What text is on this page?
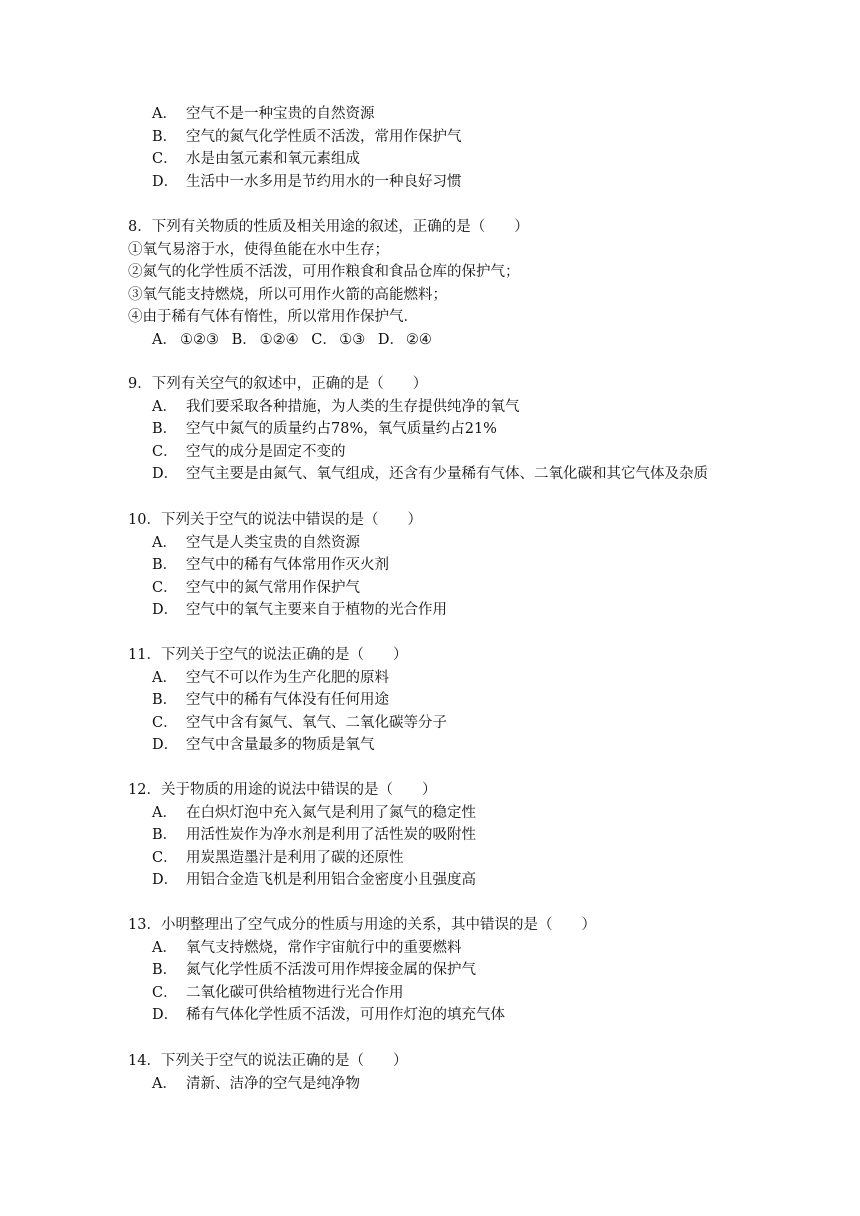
A． 空气不是一种宝贵的自然资源
B． 空气的氮气化学性质不活泼，常用作保护气
C． 水是由氢元素和氧元素组成
D． 生活中一水多用是节约用水的一种良好习惯
8．下列有关物质的性质及相关用途的叙述，正确的是（　　）
①氧气易溶于水，使得鱼能在水中生存；
②氮气的化学性质不活泼，可用作粮食和食品仓库的保护气；
③氧气能支持燃烧，所以可用作火箭的高能燃料；
④由于稀有气体有惰性，所以常用作保护气．
A． ①②③ B． ①②④ C． ①③ D． ②④
9．下列有关空气的叙述中，正确的是（　　）
A． 我们要采取各种措施，为人类的生存提供纯净的氧气
B． 空气中氮气的质量约占78%，氧气质量约占21%
C． 空气的成分是固定不变的
D． 空气主要是由氮气、氧气组成，还含有少量稀有气体、二氧化碳和其它气体及杂质
10．下列关于空气的说法中错误的是（　　）
A． 空气是人类宝贵的自然资源
B． 空气中的稀有气体常用作灭火剂
C． 空气中的氮气常用作保护气
D． 空气中的氧气主要来自于植物的光合作用
11．下列关于空气的说法正确的是（　　）
A． 空气不可以作为生产化肥的原料
B． 空气中的稀有气体没有任何用途
C． 空气中含有氮气、氧气、二氧化碳等分子
D． 空气中含量最多的物质是氧气
12．关于物质的用途的说法中错误的是（　　）
A． 在白炽灯泡中充入氮气是利用了氮气的稳定性
B． 用活性炭作为净水剂是利用了活性炭的吸附性
C． 用炭黑造墨汁是利用了碳的还原性
D． 用铝合金造飞机是利用铝合金密度小且强度高
13．小明整理出了空气成分的性质与用途的关系，其中错误的是（　　）
A． 氧气支持燃烧，常作宇宙航行中的重要燃料
B． 氮气化学性质不活泼可用作焊接金属的保护气
C． 二氧化碳可供给植物进行光合作用
D． 稀有气体化学性质不活泼，可用作灯泡的填充气体
14．下列关于空气的说法正确的是（　　）
A． 清新、洁净的空气是纯净物
